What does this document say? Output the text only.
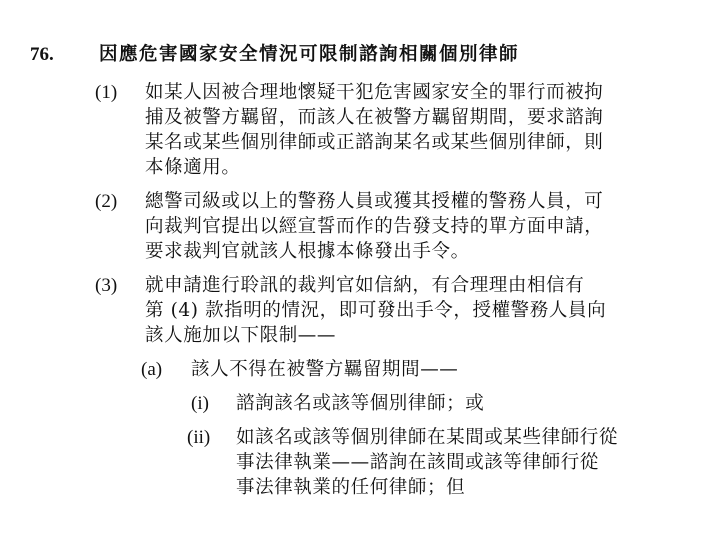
76. 因應危害國家安全情況可限制諮詢相關個別律師
(1) 如某人因被合理地懷疑干犯危害國家安全的罪行而被拘
捕及被警方羈留，而該人在被警方羈留期間，要求諮詢
某名或某些個別律師或正諮詢某名或某些個別律師，則
本條適用。
(2) 總警司級或以上的警務人員或獲其授權的警務人員，可
向裁判官提出以經宣誓而作的告發支持的單方面申請，
要求裁判官就該人根據本條發出手令。
(3) 就申請進行聆訊的裁判官如信納，有合理理由相信有
第 (4) 款指明的情況，即可發出手令，授權警務人員向
該人施加以下限制——
(a) 該人不得在被警方羈留期間——
(i) 諮詢該名或該等個別律師；或
(ii) 如該名或該等個別律師在某間或某些律師行從
事法律執業——諮詢在該間或該等律師行從
事法律執業的任何律師；但
